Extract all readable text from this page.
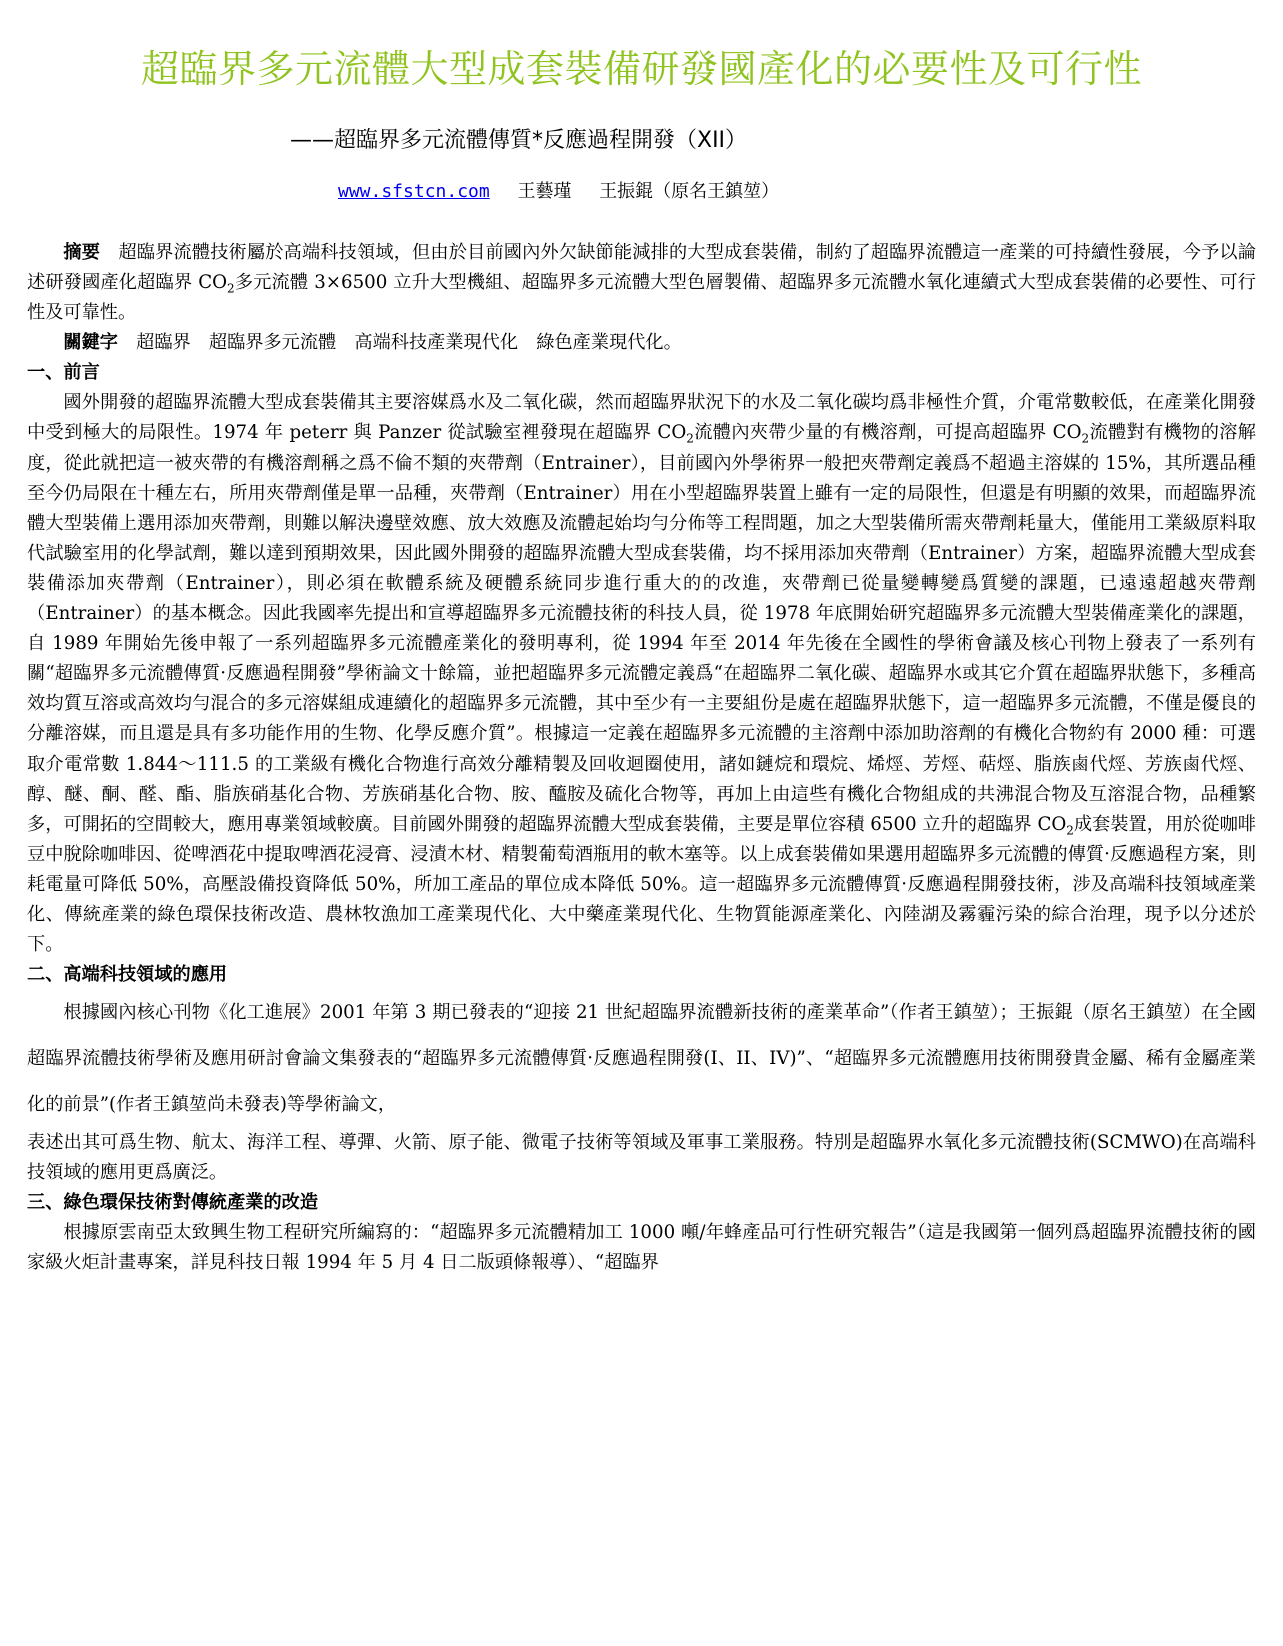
超臨界多元流體大型成套裝備研發國產化的必要性及可行性
——超臨界多元流體傳質*反應過程開發（XII）
www.sfstcn.com 王藝瑾 王振錕（原名王鎮堃）

摘要　 超臨界流體技術屬於高端科技領域，但由於目前國內外欠缺節能減排的大型成套裝備，制約了超臨界流體這一產業的可持續性發展，今予以論述研發國產化超臨界 $CO_2$多元流體 3×6500 立升大型機組、超臨界多元流體大型色層製備、超臨界多元流體水氧化連續式大型成套裝備的必要性、可行性及可靠性。

關鍵字　 超臨界　超臨界多元流體　高端科技產業現代化　綠色產業現代化。

一、前言

國外開發的超臨界流體大型成套裝備其主要溶媒爲水及二氧化碳，然而超臨界狀況下的水及二氧化碳均爲非極性介質，介電常數較低，在產業化開發中受到極大的局限性。1974 年 peterr 與 Panzer 從試驗室裡發現在超臨界 $CO_2$流體內夾帶少量的有機溶劑，可提高超臨界 $CO_2$流體對有機物的溶解度，從此就把這一被夾帶的有機溶劑稱之爲不倫不類的夾帶劑（Entrainer），目前國內外學術界一般把夾帶劑定義爲不超過主溶媒的 15%，其所選品種至今仍局限在十種左右，所用夾帶劑僅是單一品種，夾帶劑（Entrainer）用在小型超臨界裝置上雖有一定的局限性，但還是有明顯的效果，而超臨界流體大型裝備上選用添加夾帶劑，則難以解決邊壁效應、放大效應及流體起始均勻分佈等工程問題，加之大型裝備所需夾帶劑耗量大，僅能用工業級原料取代試驗室用的化學試劑，難以達到預期效果，因此國外開發的超臨界流體大型成套裝備，均不採用添加夾帶劑（Entrainer）方案，超臨界流體大型成套裝備添加夾帶劑（Entrainer），則必須在軟體系統及硬體系統同步進行重大的的改進，夾帶劑已從量變轉變爲質變的課題，已遠遠超越夾帶劑（Entrainer）的基本概念。因此我國率先提出和宣導超臨界多元流體技術的科技人員，從 1978 年底開始研究超臨界多元流體大型裝備產業化的課題，自 1989 年開始先後申報了一系列超臨界多元流體產業化的發明專利，從 1994 年至 2014 年先後在全國性的學術會議及核心刊物上發表了一系列有關“超臨界多元流體傳質·反應過程開發”學術論文十餘篇，並把超臨界多元流體定義爲“在超臨界二氧化碳、超臨界水或其它介質在超臨界狀態下，多種高效均質互溶或高效均勻混合的多元溶媒組成連續化的超臨界多元流體，其中至少有一主要組份是處在超臨界狀態下，這一超臨界多元流體，不僅是優良的分離溶媒，而且還是具有多功能作用的生物、化學反應介質”。根據這一定義在超臨界多元流體的主溶劑中添加助溶劑的有機化合物約有 2000 種：可選取介電常數 1.844～111.5 的工業級有機化合物進行高效分離精製及回收迴圈使用，諸如鏈烷和環烷、烯烴、芳烴、萜烴、脂族鹵代烴、芳族鹵代烴、醇、醚、酮、醛、酯、脂族硝基化合物、芳族硝基化合物、胺、醯胺及硫化合物等，再加上由這些有機化合物組成的共沸混合物及互溶混合物，品種繁多，可開拓的空間較大，應用專業領域較廣。目前國外開發的超臨界流體大型成套裝備，主要是單位容積 6500 立升的超臨界 $CO_2$成套裝置，用於從咖啡豆中脫除咖啡因、從啤酒花中提取啤酒花浸膏、浸漬木材、精製葡萄酒瓶用的軟木塞等。以上成套裝備如果選用超臨界多元流體的傳質·反應過程方案，則耗電量可降低 50%，高壓設備投資降低 50%，所加工產品的單位成本降低 50%。這一超臨界多元流體傳質·反應過程開發技術，涉及高端科技領域產業化、傳統產業的綠色環保技術改造、農林牧漁加工產業現代化、大中藥產業現代化、生物質能源產業化、內陸湖及霧霾污染的綜合治理，現予以分述於下。

二、高端科技領域的應用

根據國內核心刊物《化工進展》2001 年第 3 期已發表的“迎接 21 世紀超臨界流體新技術的產業革命”（作者王鎮堃）；王振錕（原名王鎮堃）在全國超臨界流體技術學術及應用研討會論文集發表的“超臨界多元流體傳質·反應過程開發(I、II、IV)”、“超臨界多元流體應用技術開發貴金屬、稀有金屬產業化的前景”(作者王鎮堃尚未發表)等學術論文，

表述出其可爲生物、航太、海洋工程、導彈、火箭、原子能、微電子技術等領域及軍事工業服務。特別是超臨界水氧化多元流體技術(SCMWO)在高端科技領域的應用更爲廣泛。

三、綠色環保技術對傳統產業的改造

根據原雲南亞太致興生物工程研究所編寫的：“超臨界多元流體精加工 1000 噸/年蜂產品可行性研究報告”（這是我國第一個列爲超臨界流體技術的國家級火炬計畫專案，詳見科技日報 1994 年 5 月 4 日二版頭條報導）、“超臨界
